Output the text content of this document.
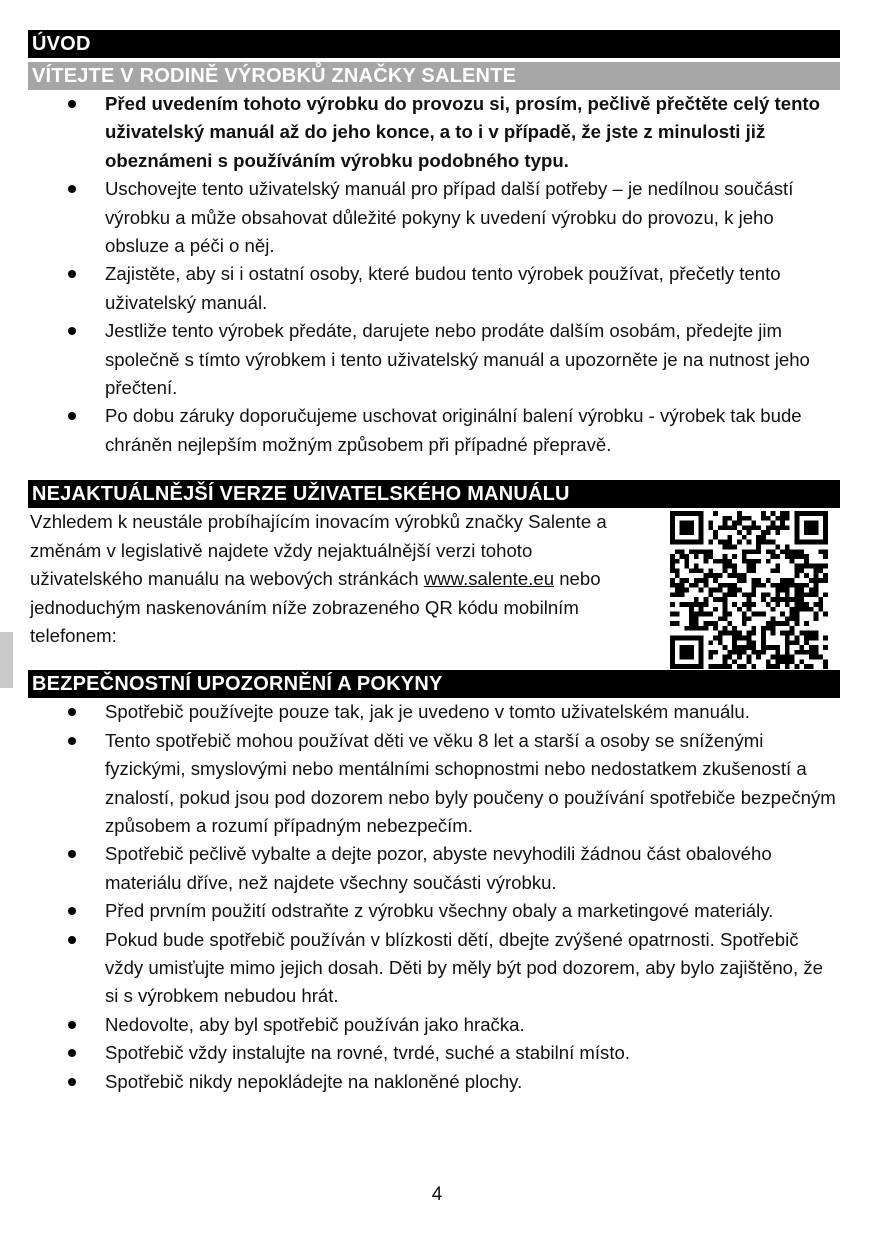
ÚVOD
VÍTEJTE V RODINĚ VÝROBKŮ ZNAČKY SALENTE
Před uvedením tohoto výrobku do provozu si, prosím, pečlivě přečtěte celý tento uživatelský manuál až do jeho konce, a to i v případě, že jste z minulosti již obeznámeni s používáním výrobku podobného typu.
Uschovejte tento uživatelský manuál pro případ další potřeby – je nedílnou součástí výrobku a může obsahovat důležité pokyny k uvedení výrobku do provozu, k jeho obsluze a péči o něj.
Zajistěte, aby si i ostatní osoby, které budou tento výrobek používat, přečetly tento uživatelský manuál.
Jestliže tento výrobek předáte, darujete nebo prodáte dalším osobám, předejte jim společně s tímto výrobkem i tento uživatelský manuál a upozorněte je na nutnost jeho přečtení.
Po dobu záruky doporučujeme uschovat originální balení výrobku - výrobek tak bude chráněn nejlepším možným způsobem při případné přepravě.
NEJAKTUÁLNĚJŠÍ VERZE UŽIVATELSKÉHO MANUÁLU
Vzhledem k neustále probíhajícím inovacím výrobků značky Salente a změnám v legislativě najdete vždy nejaktuálnější verzi tohoto uživatelského manuálu na webových stránkách www.salente.eu nebo jednoduchým naskenováním níže zobrazeného QR kódu mobilním telefonem:
BEZPEČNOSTNÍ UPOZORNĚNÍ A POKYNY
Spotřebič používejte pouze tak, jak je uvedeno v tomto uživatelském manuálu.
Tento spotřebič mohou používat děti ve věku 8 let a starší a osoby se sníženými fyzickými, smyslovými nebo mentálními schopnostmi nebo nedostatkem zkušeností a znalostí, pokud jsou pod dozorem nebo byly poučeny o používání spotřebiče bezpečným způsobem a rozumí případným nebezpečím.
Spotřebič pečlivě vybalte a dejte pozor, abyste nevyhodili žádnou část obalového materiálu dříve, než najdete všechny součásti výrobku.
Před prvním použití odstraňte z výrobku všechny obaly a marketingové materiály.
Pokud bude spotřebič používán v blízkosti dětí, dbejte zvýšené opatrnosti. Spotřebič vždy umisťujte mimo jejich dosah. Děti by měly být pod dozorem, aby bylo zajištěno, že si s výrobkem nebudou hrát.
Nedovolte, aby byl spotřebič používán jako hračka.
Spotřebič vždy instalujte na rovné, tvrdé, suché a stabilní místo.
Spotřebič nikdy nepokládejte na nakloněné plochy.
4
